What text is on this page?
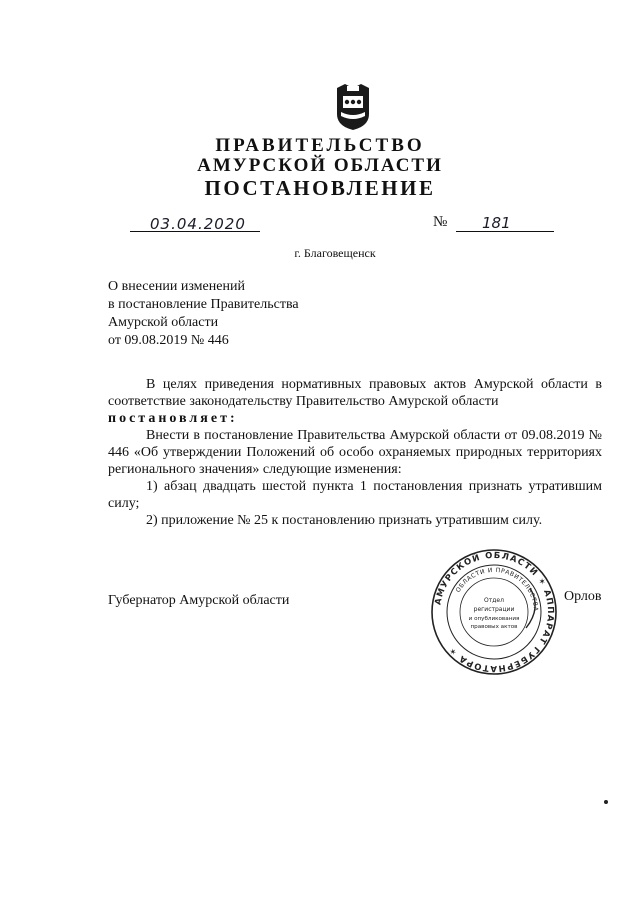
ПРАВИТЕЛЬСТВО
АМУРСКОЙ ОБЛАСТИ
ПОСТАНОВЛЕНИЕ
03.04.2020	№ 181
г. Благовещенск
О внесении изменений
в постановление Правительства
Амурской области
от 09.08.2019 № 446

В целях приведения нормативных правовых актов Амурской области в соответствие законодательству Правительство Амурской области

постановляет:

Внести в постановление Правительства Амурской области от 09.08.2019 № 446 «Об утверждении Положений об особо охраняемых природных территориях регионального значения» следующие изменения:

1) абзац двадцать шестой пункта 1 постановления признать утратившим силу;

2) приложение № 25 к постановлению признать утратившим силу.

Губернатор Амурской области	Орлов
АМУРСКОЙ ОБЛАСТИ ✶ АППАРАТ ГУБЕРНАТОРА ✶
ОБЛАСТИ И ПРАВИТЕЛЬСТВА
Отдел
регистрации
и опубликования
правовых актов
